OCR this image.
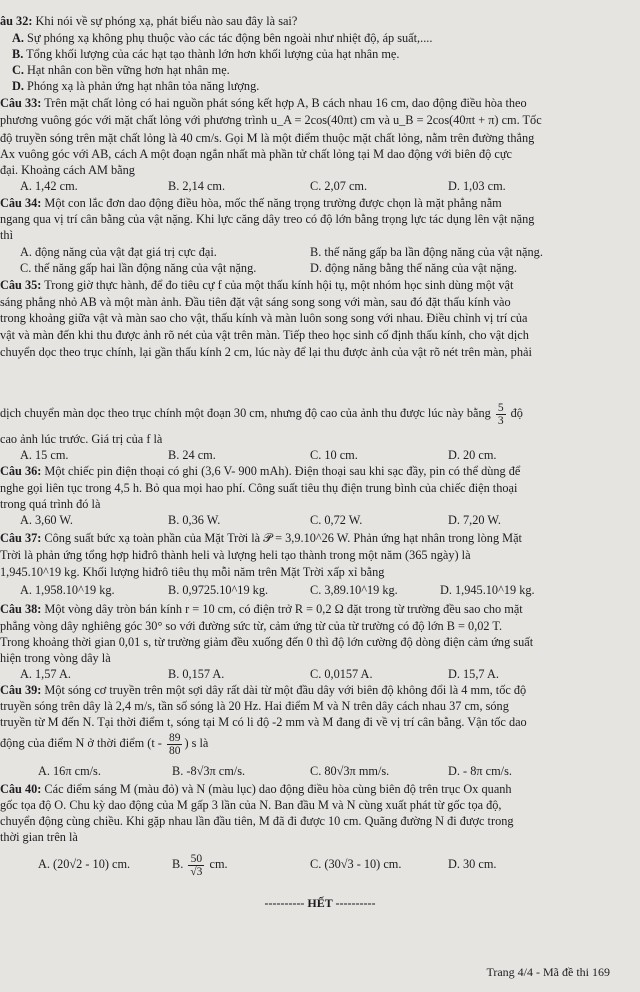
âu 32: Khi nói về sự phóng xạ, phát biểu nào sau đây là sai?
A. Sự phóng xạ không phụ thuộc vào các tác động bên ngoài như nhiệt độ, áp suất,....
B. Tổng khối lượng của các hạt tạo thành lớn hơn khối lượng của hạt nhân mẹ.
C. Hạt nhân con bền vững hơn hạt nhân mẹ.
D. Phóng xạ là phản ứng hạt nhân tỏa năng lượng.
Câu 33: Trên mặt chất lỏng có hai nguồn phát sóng kết hợp A, B cách nhau 16 cm, dao động điều hòa theo
phương vuông góc với mặt chất lỏng với phương trình u_A = 2cos(40πt) cm và u_B = 2cos(40πt + π) cm. Tốc
độ truyền sóng trên mặt chất lỏng là 40 cm/s. Gọi M là một điểm thuộc mặt chất lỏng, nằm trên đường thẳng
Ax vuông góc với AB, cách A một đoạn ngắn nhất mà phần tử chất lỏng tại M dao động với biên độ cực
đại. Khoảng cách AM bằng
A. 1,42 cm.	B. 2,14 cm.	C. 2,07 cm.	D. 1,03 cm.
Câu 34: Một con lắc đơn dao động điều hòa, mốc thế năng trọng trường được chọn là mặt phẳng nằm
ngang qua vị trí cân bằng của vật nặng. Khi lực căng dây treo có độ lớn bằng trọng lực tác dụng lên vật nặng
thì
A. động năng của vật đạt giá trị cực đại.	B. thế năng gấp ba lần động năng của vật nặng.
C. thế năng gấp hai lần động năng của vật nặng.	D. động năng bằng thế năng của vật nặng.
Câu 35: Trong giờ thực hành, để đo tiêu cự f của một thấu kính hội tụ, một nhóm học sinh dùng một vật
sáng phẳng nhỏ AB và một màn ảnh. Đầu tiên đặt vật sáng song song với màn, sau đó đặt thấu kính vào
trong khoảng giữa vật và màn sao cho vật, thấu kính và màn luôn song song với nhau. Điều chỉnh vị trí của
vật và màn đến khi thu được ảnh rõ nét của vật trên màn. Tiếp theo học sinh cố định thấu kính, cho vật dịch
chuyển dọc theo trục chính, lại gần thấu kính 2 cm, lúc này để lại thu được ảnh của vật rõ nét trên màn, phải
dịch chuyển màn dọc theo trục chính một đoạn 30 cm, nhưng độ cao của ảnh thu được lúc này bằng $\frac{5}{3}$ độ
cao ảnh lúc trước. Giá trị của f là
A. 15 cm.	B. 24 cm.	C. 10 cm.	D. 20 cm.
Câu 36: Một chiếc pin điện thoại có ghi (3,6 V- 900 mAh). Điện thoại sau khi sạc đầy, pin có thể dùng để
nghe gọi liên tục trong 4,5 h. Bỏ qua mọi hao phí. Công suất tiêu thụ điện trung bình của chiếc điện thoại
trong quá trình đó là
A. 3,60 W.	B. 0,36 W.	C. 0,72 W.	D. 7,20 W.
Câu 37: Công suất bức xạ toàn phần của Mặt Trời là 𝒫 = 3,9.10^26 W. Phản ứng hạt nhân trong lòng Mặt
Trời là phản ứng tổng hợp hiđrô thành heli và lượng heli tạo thành trong một năm (365 ngày) là
1,945.10^19 kg. Khối lượng hiđrô tiêu thụ mỗi năm trên Mặt Trời xấp xỉ bằng
A. 1,958.10^19 kg.	B. 0,9725.10^19 kg.	C. 3,89.10^19 kg.	D. 1,945.10^19 kg.
Câu 38: Một vòng dây tròn bán kính r = 10 cm, có điện trở R = 0,2 Ω đặt trong từ trường đều sao cho mặt
phẳng vòng dây nghiêng góc 30° so với đường sức từ, cảm ứng từ của từ trường có độ lớn B = 0,02 T.
Trong khoảng thời gian 0,01 s, từ trường giảm đều xuống đến 0 thì độ lớn cường độ dòng điện cảm ứng suất
hiện trong vòng dây là
A. 1,57 A.	B. 0,157 A.	C. 0,0157 A.	D. 15,7 A.
Câu 39: Một sóng cơ truyền trên một sợi dây rất dài từ một đầu dây với biên độ không đổi là 4 mm, tốc độ
truyền sóng trên dây là 2,4 m/s, tần số sóng là 20 Hz. Hai điểm M và N trên dây cách nhau 37 cm, sóng
truyền từ M đến N. Tại thời điểm t, sóng tại M có li độ -2 mm và M đang đi về vị trí cân bằng. Vận tốc dao
động của điểm N ở thời điểm ($t - \frac{89}{80}$ ) s là
A. 16π cm/s.	B. -8√3π cm/s.	C. 80√3π mm/s.	D. - 8π cm/s.
Câu 40: Các điểm sáng M (màu đỏ) và N (màu lục) dao động điều hòa cùng biên độ trên trục Ox quanh
gốc tọa độ O. Chu kỳ dao động của M gấp 3 lần của N. Ban đầu M và N cùng xuất phát từ gốc tọa độ,
chuyển động cùng chiều. Khi gặp nhau lần đầu tiên, M đã đi được 10 cm. Quãng đường N đi được trong
thời gian trên là
A. (20√2 - 10) cm.	B. $\frac{50}{√3}$ cm.	C. (30√3 - 10) cm.	D. 30 cm.
---------- HẾT ----------
Trang 4/4 - Mã đề thi 169
